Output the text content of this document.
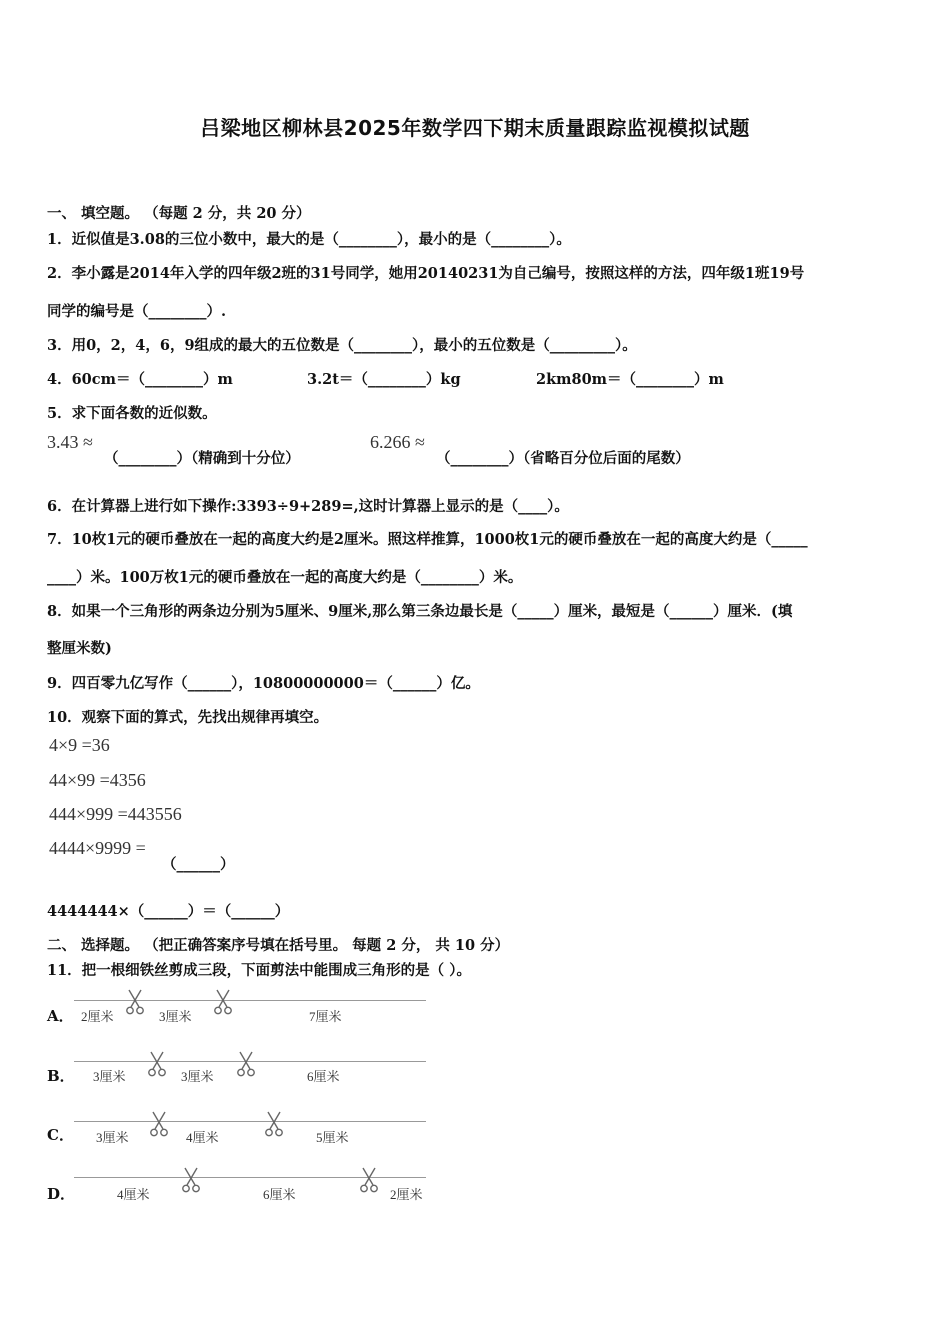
吕梁地区柳林县2025年数学四下期末质量跟踪监视模拟试题
一、 填空题。 （每题 2 分，共 20 分）
1．近似值是3.08的三位小数中，最大的是（________），最小的是（________）。
2．李小露是2014年入学的四年级2班的31号同学，她用20140231为自己编号，按照这样的方法，四年级1班19号
同学的编号是（________）.
3．用0，2，4，6，9组成的最大的五位数是（________），最小的五位数是（_________）。
4．60cm＝（________）m	3.2t＝（________）kg	2km80m＝（________）m
5．求下面各数的近似数。
3.43 ≈
（________）（精确到十分位）
6.266 ≈
（________）（省略百分位后面的尾数）
6．在计算器上进行如下操作:3393÷9+289=,这时计算器上显示的是（____）。
7．10枚1元的硬币叠放在一起的高度大约是2厘米。照这样推算，1000枚1元的硬币叠放在一起的高度大约是（_____
____）米。100万枚1元的硬币叠放在一起的高度大约是（________）米。
8．如果一个三角形的两条边分别为5厘米、9厘米,那么第三条边最长是（_____）厘米，最短是（______）厘米．(填
整厘米数)
9．四百零九亿写作（______），10800000000＝（______）亿。
10．观察下面的算式，先找出规律再填空。
4×9 =36
44×99 =4356
444×999 =443556
4444×9999 =
（______）
4444444×（______）＝（______）
二、 选择题。 （把正确答案序号填在括号里。 每题 2 分， 共 10 分）
11．把一根细铁丝剪成三段，下面剪法中能围成三角形的是（ ）。
A． 2厘米	3厘米	7厘米
B． 3厘米	3厘米	6厘米
C． 3厘米	4厘米	5厘米
D．	4厘米	6厘米	2厘米
